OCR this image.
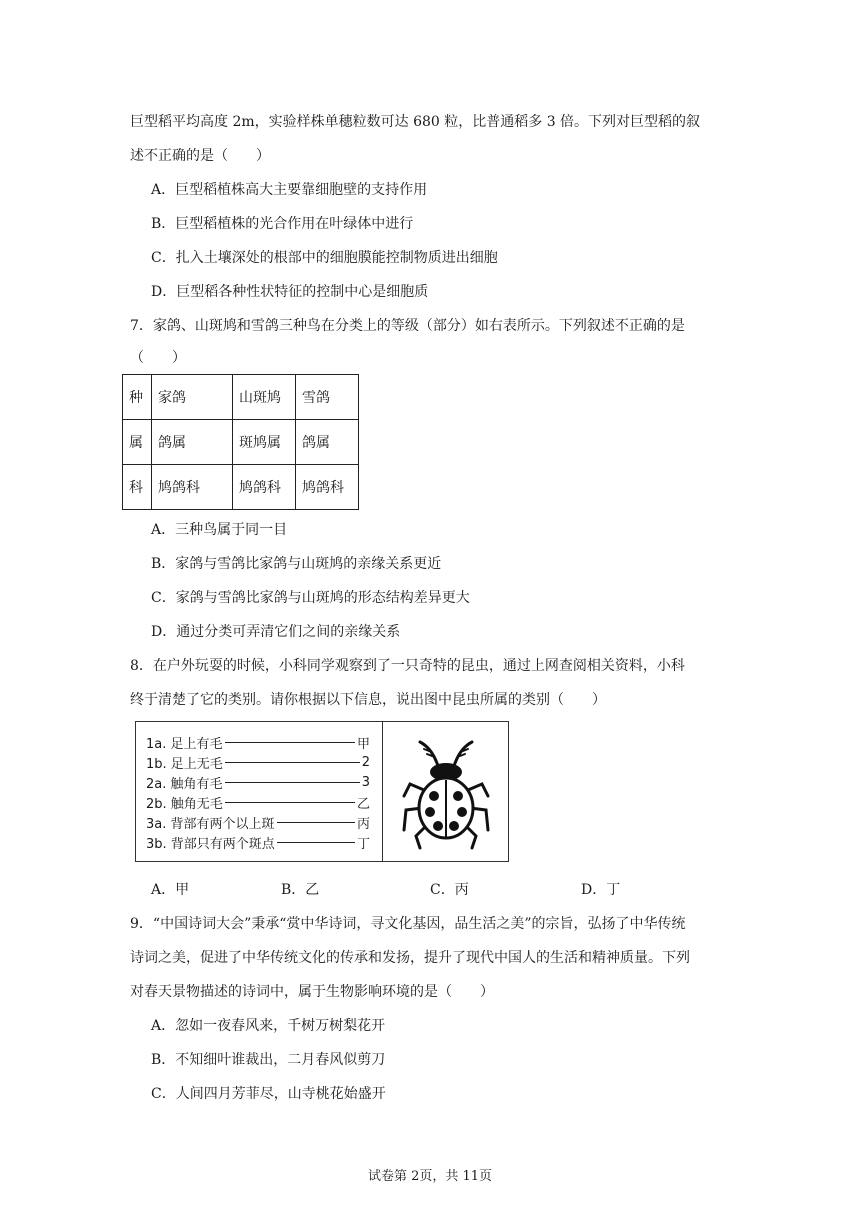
巨型稻平均高度 2m，实验样株单穗粒数可达 680 粒，比普通稻多 3 倍。下列对巨型稻的叙
述不正确的是（　　）
A．巨型稻植株高大主要靠细胞壁的支持作用
B．巨型稻植株的光合作用在叶绿体中进行
C．扎入土壤深处的根部中的细胞膜能控制物质进出细胞
D．巨型稻各种性状特征的控制中心是细胞质
7．家鸽、山斑鸠和雪鸽三种鸟在分类上的等级（部分）如右表所示。下列叙述不正确的是
（　　）
种	家鸽	山斑鸠	雪鸽
属	鸽属	斑鸠属	鸽属
科	鸠鸽科	鸠鸽科	鸠鸽科
A．三种鸟属于同一目
B．家鸽与雪鸽比家鸽与山斑鸠的亲缘关系更近
C．家鸽与雪鸽比家鸽与山斑鸠的形态结构差异更大
D．通过分类可弄清它们之间的亲缘关系
8．在户外玩耍的时候，小科同学观察到了一只奇特的昆虫，通过上网查阅相关资料，小科
终于清楚了它的类别。请你根据以下信息，说出图中昆虫所属的类别（　　）
1a. 足上有毛	甲
1b. 足上无毛	2
2a. 触角有毛	3
2b. 触角无毛	乙
3a. 背部有两个以上斑	丙
3b. 背部只有两个斑点	丁
A．甲	B．乙	C．丙	D．丁
9．“中国诗词大会”秉承“赏中华诗词，寻文化基因，品生活之美”的宗旨，弘扬了中华传统
诗词之美，促进了中华传统文化的传承和发扬，提升了现代中国人的生活和精神质量。下列
对春天景物描述的诗词中，属于生物影响环境的是（　　）
A．忽如一夜春风来，千树万树梨花开
B．不知细叶谁裁出，二月春风似剪刀
C．人间四月芳菲尽，山寺桃花始盛开
试卷第 2页，共 11页
